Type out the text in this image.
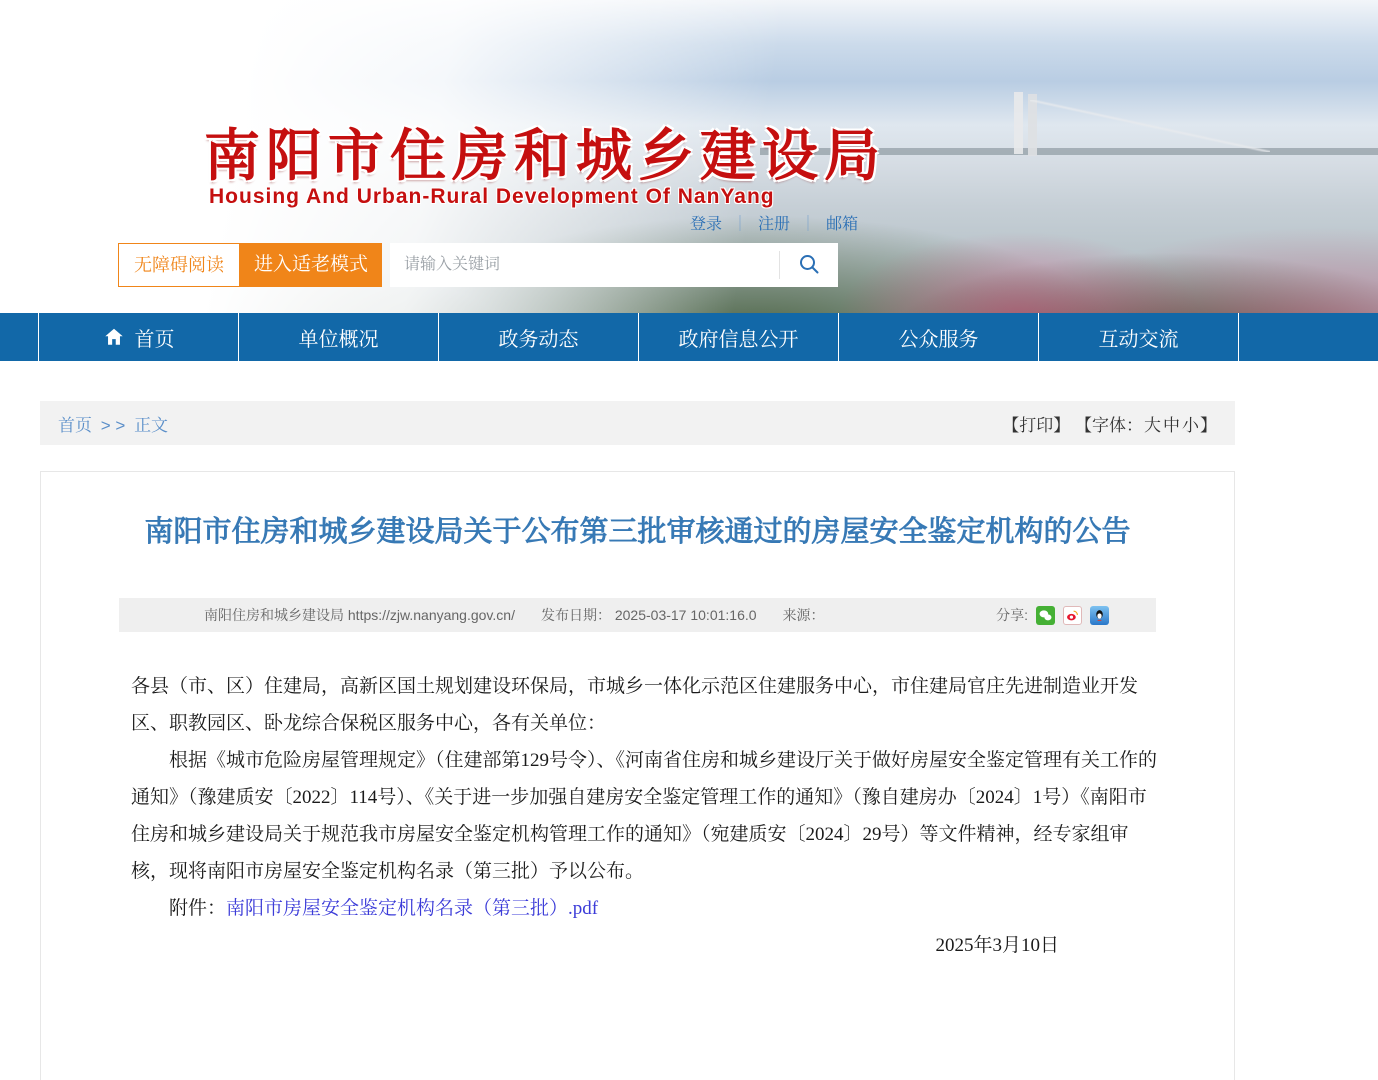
南阳市住房和城乡建设局
Housing And Urban-Rural Development Of NanYang
登录 ｜ 注册 ｜ 邮箱
无障碍阅读	进入适老模式
请输入关键词
首页	单位概况	政务动态	政府信息公开	公众服务	互动交流
首页 > > 正文	【打印】 【字体：大 中 小】
南阳市住房和城乡建设局关于公布第三批审核通过的房屋安全鉴定机构的公告
南阳住房和城乡建设局 https://zjw.nanyang.gov.cn/ 发布日期： 2025-03-17 10:01:16.0 来源：	分享:

各县（市、区）住建局，高新区国土规划建设环保局，市城乡一体化示范区住建服务中心，市住建局官庄先进制造业开发区、职教园区、卧龙综合保税区服务中心，各有关单位：

根据《城市危险房屋管理规定》（住建部第129号令）、《河南省住房和城乡建设厅关于做好房屋安全鉴定管理有关工作的通知》（豫建质安〔2022〕114号）、《关于进一步加强自建房安全鉴定管理工作的通知》（豫自建房办〔2024〕1号）《南阳市住房和城乡建设局关于规范我市房屋安全鉴定机构管理工作的通知》（宛建质安〔2024〕29号）等文件精神，经专家组审核，现将南阳市房屋安全鉴定机构名录（第三批）予以公布。

附件：南阳市房屋安全鉴定机构名录（第三批）.pdf

2025年3月10日
